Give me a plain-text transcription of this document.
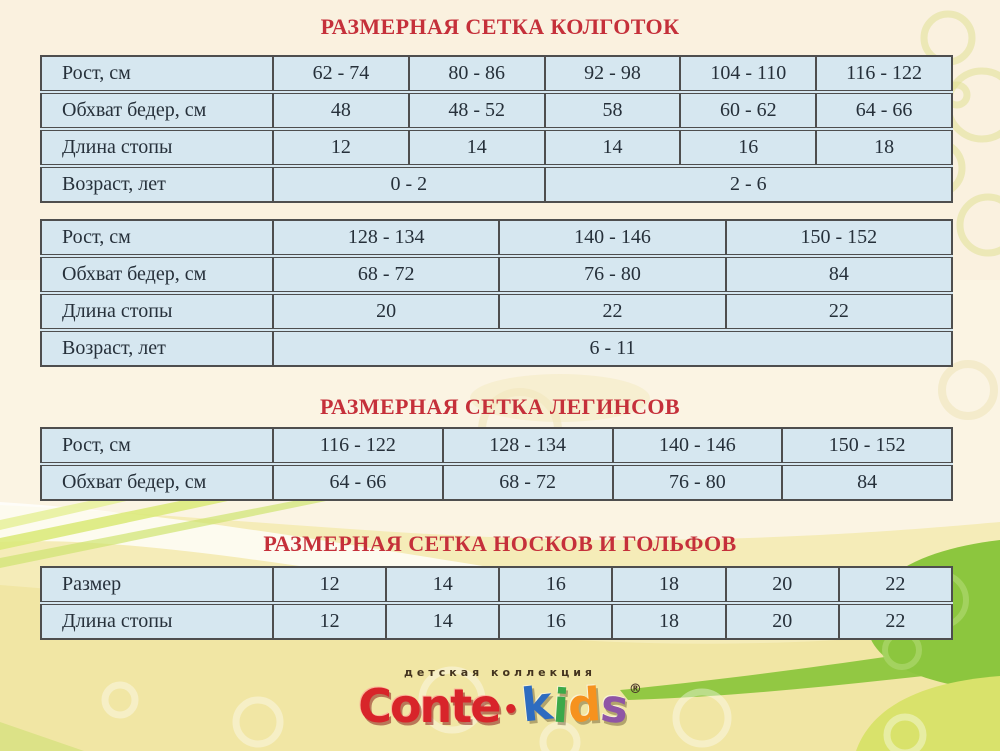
РАЗМЕРНАЯ СЕТКА КОЛГОТОК
Рост, см	62 - 74	80 - 86	92 - 98	104 - 110	116 - 122
Обхват бедер, см	48	48 - 52	58	60 - 62	64 - 66
Длина стопы	12	14	14	16	18
Возраст, лет	0 - 2		2 - 6		
Рост, см	128 - 134	140 - 146	150 - 152
Обхват бедер, см	68 - 72	76 - 80	84
Длина стопы	20	22	22
Возраст, лет	6 - 11		
РАЗМЕРНАЯ СЕТКА ЛЕГИНСОВ
Рост, см	116 - 122	128 - 134	140 - 146	150 - 152
Обхват бедер, см	64 - 66	68 - 72	76 - 80	84
РАЗМЕРНАЯ СЕТКА НОСКОВ И ГОЛЬФОВ
Размер	12	14	16	18	20	22
Длина стопы	12	14	16	18	20	22
детская коллекция
Conte •kids®
